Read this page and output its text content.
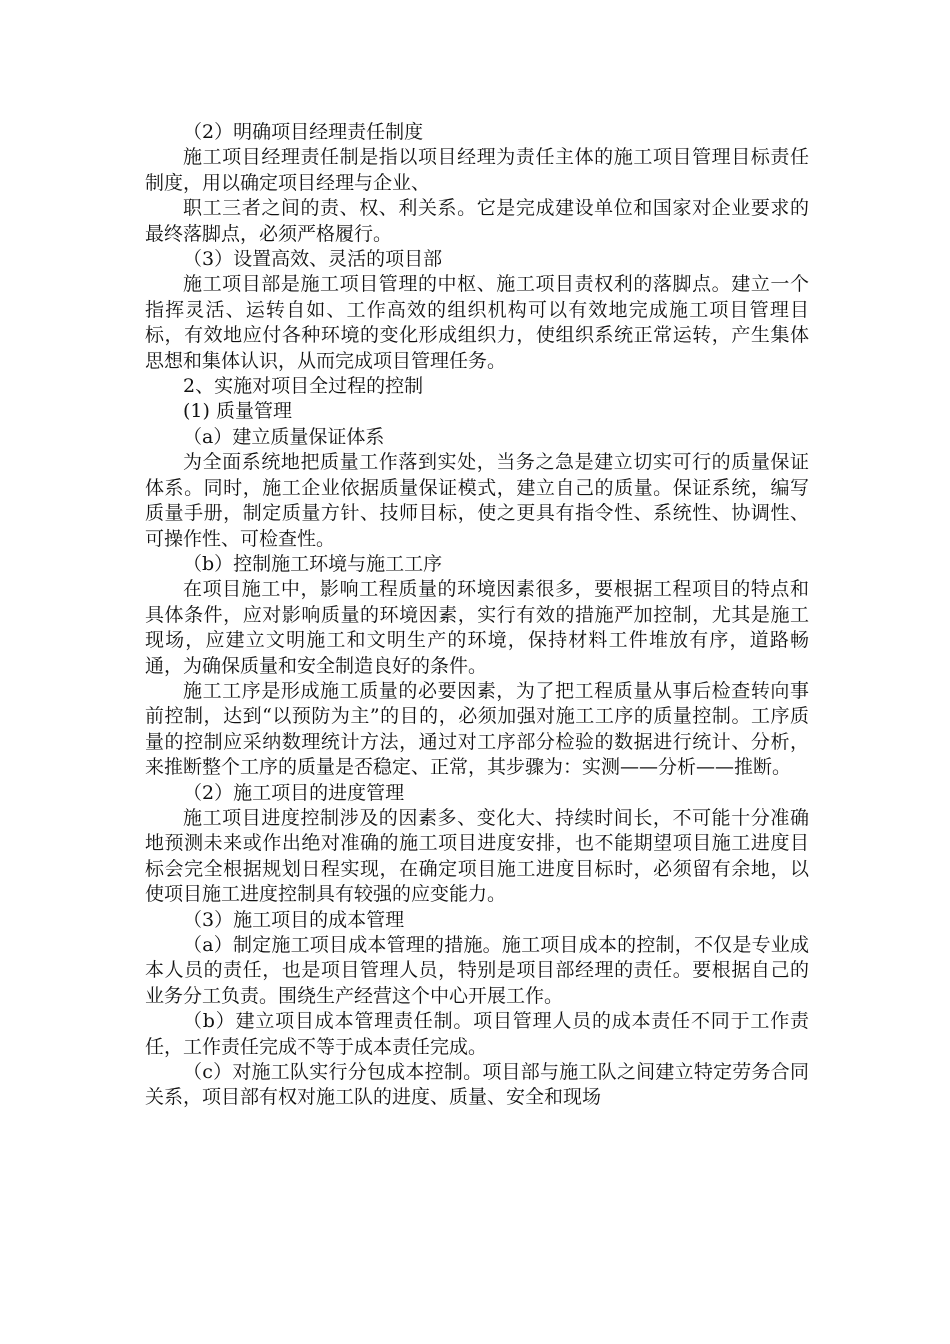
（2）明确项目经理责任制度
施工项目经理责任制是指以项目经理为责任主体的施工项目管理目标责任制度，用以确定项目经理与企业、
职工三者之间的责、权、利关系。它是完成建设单位和国家对企业要求的最终落脚点，必须严格履行。
（3）设置高效、灵活的项目部
施工项目部是施工项目管理的中枢、施工项目责权利的落脚点。建立一个指挥灵活、运转自如、工作高效的组织机构可以有效地完成施工项目管理目标，有效地应付各种环境的变化形成组织力，使组织系统正常运转，产生集体思想和集体认识，从而完成项目管理任务。
2、实施对项目全过程的控制
(1) 质量管理
（a）建立质量保证体系
为全面系统地把质量工作落到实处，当务之急是建立切实可行的质量保证体系。同时，施工企业依据质量保证模式，建立自己的质量。保证系统，编写质量手册，制定质量方针、技师目标，使之更具有指令性、系统性、协调性、可操作性、可检查性。
（b）控制施工环境与施工工序
在项目施工中，影响工程质量的环境因素很多，要根据工程项目的特点和具体条件，应对影响质量的环境因素，实行有效的措施严加控制，尤其是施工现场，应建立文明施工和文明生产的环境，保持材料工件堆放有序，道路畅通，为确保质量和安全制造良好的条件。
施工工序是形成施工质量的必要因素，为了把工程质量从事后检查转向事前控制，达到“以预防为主”的目的，必须加强对施工工序的质量控制。工序质量的控制应采纳数理统计方法，通过对工序部分检验的数据进行统计、分析，来推断整个工序的质量是否稳定、正常，其步骤为：实测——分析——推断。
（2）施工项目的进度管理
施工项目进度控制涉及的因素多、变化大、持续时间长，不可能十分准确地预测未来或作出绝对准确的施工项目进度安排，也不能期望项目施工进度目标会完全根据规划日程实现，在确定项目施工进度目标时，必须留有余地，以使项目施工进度控制具有较强的应变能力。
（3）施工项目的成本管理
（a）制定施工项目成本管理的措施。施工项目成本的控制，不仅是专业成本人员的责任，也是项目管理人员，特别是项目部经理的责任。要根据自己的业务分工负责。围绕生产经营这个中心开展工作。
（b）建立项目成本管理责任制。项目管理人员的成本责任不同于工作责任，工作责任完成不等于成本责任完成。
（c）对施工队实行分包成本控制。项目部与施工队之间建立特定劳务合同关系，项目部有权对施工队的进度、质量、安全和现场
